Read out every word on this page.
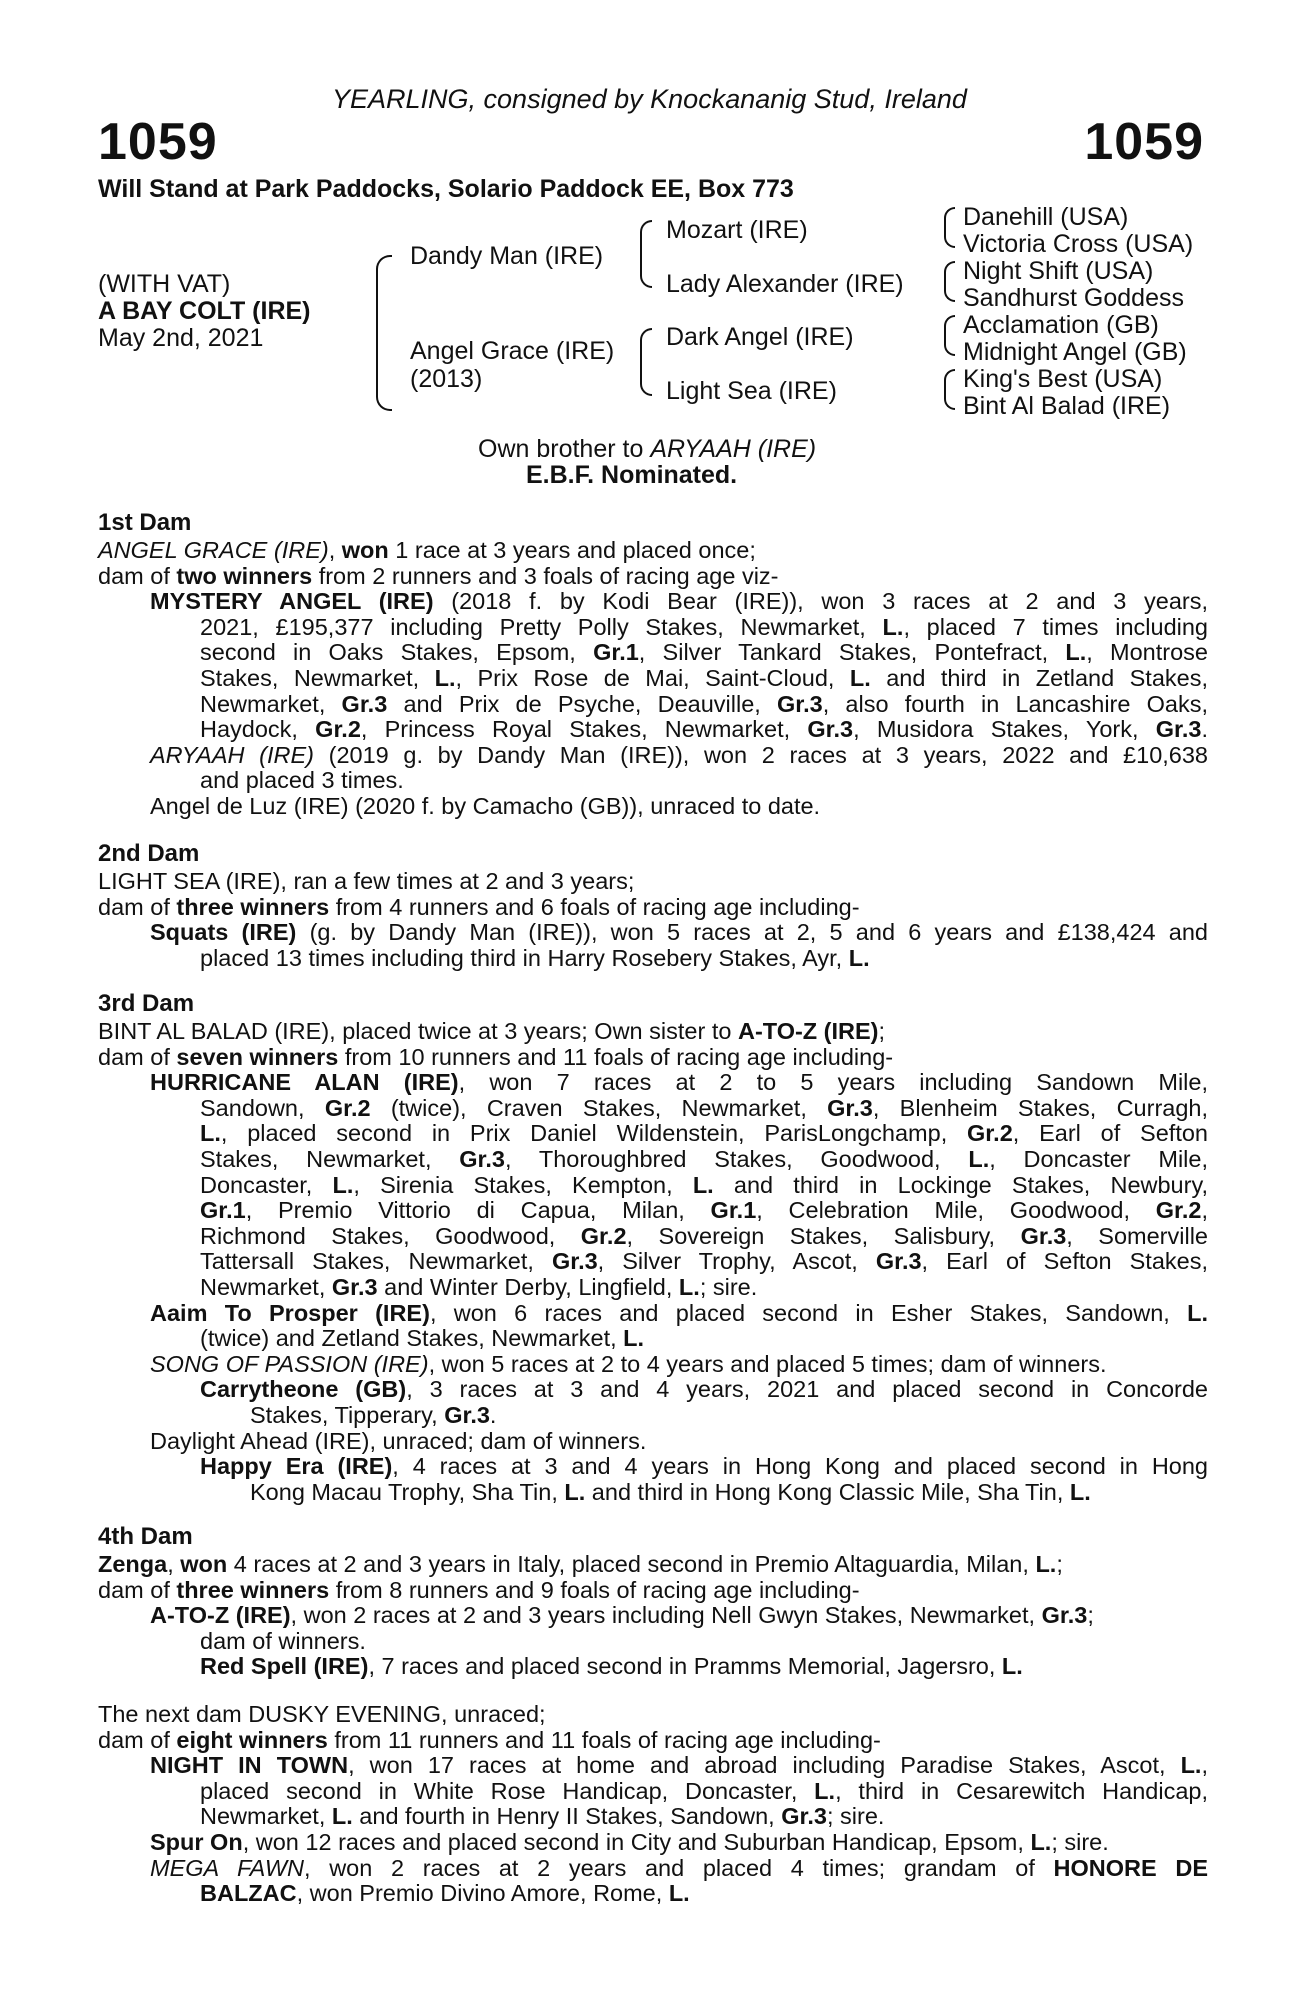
YEARLING, consigned by Knockananig Stud, Ireland
1059	1059
Will Stand at Park Paddocks, Solario Paddock EE, Box 773
(WITH VAT)
A BAY COLT (IRE)
May 2nd, 2021
Dandy Man (IRE)
Angel Grace (IRE)
(2013)
Mozart (IRE)
Lady Alexander (IRE)
Dark Angel (IRE)
Light Sea (IRE)
Danehill (USA)
Victoria Cross (USA)
Night Shift (USA)
Sandhurst Goddess
Acclamation (GB)
Midnight Angel (GB)
King's Best (USA)
Bint Al Balad (IRE)
Own brother to ARYAAH (IRE)
E.B.F. Nominated.
1st Dam
ANGEL GRACE (IRE), won 1 race at 3 years and placed once;
dam of two winners from 2 runners and 3 foals of racing age viz-
MYSTERY ANGEL (IRE) (2018 f. by Kodi Bear (IRE)), won 3 races at 2 and 3 years,
2021, £195,377 including Pretty Polly Stakes, Newmarket, L., placed 7 times including
second in Oaks Stakes, Epsom, Gr.1, Silver Tankard Stakes, Pontefract, L., Montrose
Stakes, Newmarket, L., Prix Rose de Mai, Saint-Cloud, L. and third in Zetland Stakes,
Newmarket, Gr.3 and Prix de Psyche, Deauville, Gr.3, also fourth in Lancashire Oaks,
Haydock, Gr.2, Princess Royal Stakes, Newmarket, Gr.3, Musidora Stakes, York, Gr.3.
ARYAAH (IRE) (2019 g. by Dandy Man (IRE)), won 2 races at 3 years, 2022 and £10,638
and placed 3 times.
Angel de Luz (IRE) (2020 f. by Camacho (GB)), unraced to date.
2nd Dam
LIGHT SEA (IRE), ran a few times at 2 and 3 years;
dam of three winners from 4 runners and 6 foals of racing age including-
Squats (IRE) (g. by Dandy Man (IRE)), won 5 races at 2, 5 and 6 years and £138,424 and
placed 13 times including third in Harry Rosebery Stakes, Ayr, L.
3rd Dam
BINT AL BALAD (IRE), placed twice at 3 years; Own sister to A-TO-Z (IRE);
dam of seven winners from 10 runners and 11 foals of racing age including-
HURRICANE ALAN (IRE), won 7 races at 2 to 5 years including Sandown Mile,
Sandown, Gr.2 (twice), Craven Stakes, Newmarket, Gr.3, Blenheim Stakes, Curragh,
L., placed second in Prix Daniel Wildenstein, ParisLongchamp, Gr.2, Earl of Sefton
Stakes, Newmarket, Gr.3, Thoroughbred Stakes, Goodwood, L., Doncaster Mile,
Doncaster, L., Sirenia Stakes, Kempton, L. and third in Lockinge Stakes, Newbury,
Gr.1, Premio Vittorio di Capua, Milan, Gr.1, Celebration Mile, Goodwood, Gr.2,
Richmond Stakes, Goodwood, Gr.2, Sovereign Stakes, Salisbury, Gr.3, Somerville
Tattersall Stakes, Newmarket, Gr.3, Silver Trophy, Ascot, Gr.3, Earl of Sefton Stakes,
Newmarket, Gr.3 and Winter Derby, Lingfield, L.; sire.
Aaim To Prosper (IRE), won 6 races and placed second in Esher Stakes, Sandown, L.
(twice) and Zetland Stakes, Newmarket, L.
SONG OF PASSION (IRE), won 5 races at 2 to 4 years and placed 5 times; dam of winners.
Carrytheone (GB), 3 races at 3 and 4 years, 2021 and placed second in Concorde
Stakes, Tipperary, Gr.3.
Daylight Ahead (IRE), unraced; dam of winners.
Happy Era (IRE), 4 races at 3 and 4 years in Hong Kong and placed second in Hong
Kong Macau Trophy, Sha Tin, L. and third in Hong Kong Classic Mile, Sha Tin, L.
4th Dam
Zenga, won 4 races at 2 and 3 years in Italy, placed second in Premio Altaguardia, Milan, L.;
dam of three winners from 8 runners and 9 foals of racing age including-
A-TO-Z (IRE), won 2 races at 2 and 3 years including Nell Gwyn Stakes, Newmarket, Gr.3;
dam of winners.
Red Spell (IRE), 7 races and placed second in Pramms Memorial, Jagersro, L.
The next dam DUSKY EVENING, unraced;
dam of eight winners from 11 runners and 11 foals of racing age including-
NIGHT IN TOWN, won 17 races at home and abroad including Paradise Stakes, Ascot, L.,
placed second in White Rose Handicap, Doncaster, L., third in Cesarewitch Handicap,
Newmarket, L. and fourth in Henry II Stakes, Sandown, Gr.3; sire.
Spur On, won 12 races and placed second in City and Suburban Handicap, Epsom, L.; sire.
MEGA FAWN, won 2 races at 2 years and placed 4 times; grandam of HONORE DE
BALZAC, won Premio Divino Amore, Rome, L.
